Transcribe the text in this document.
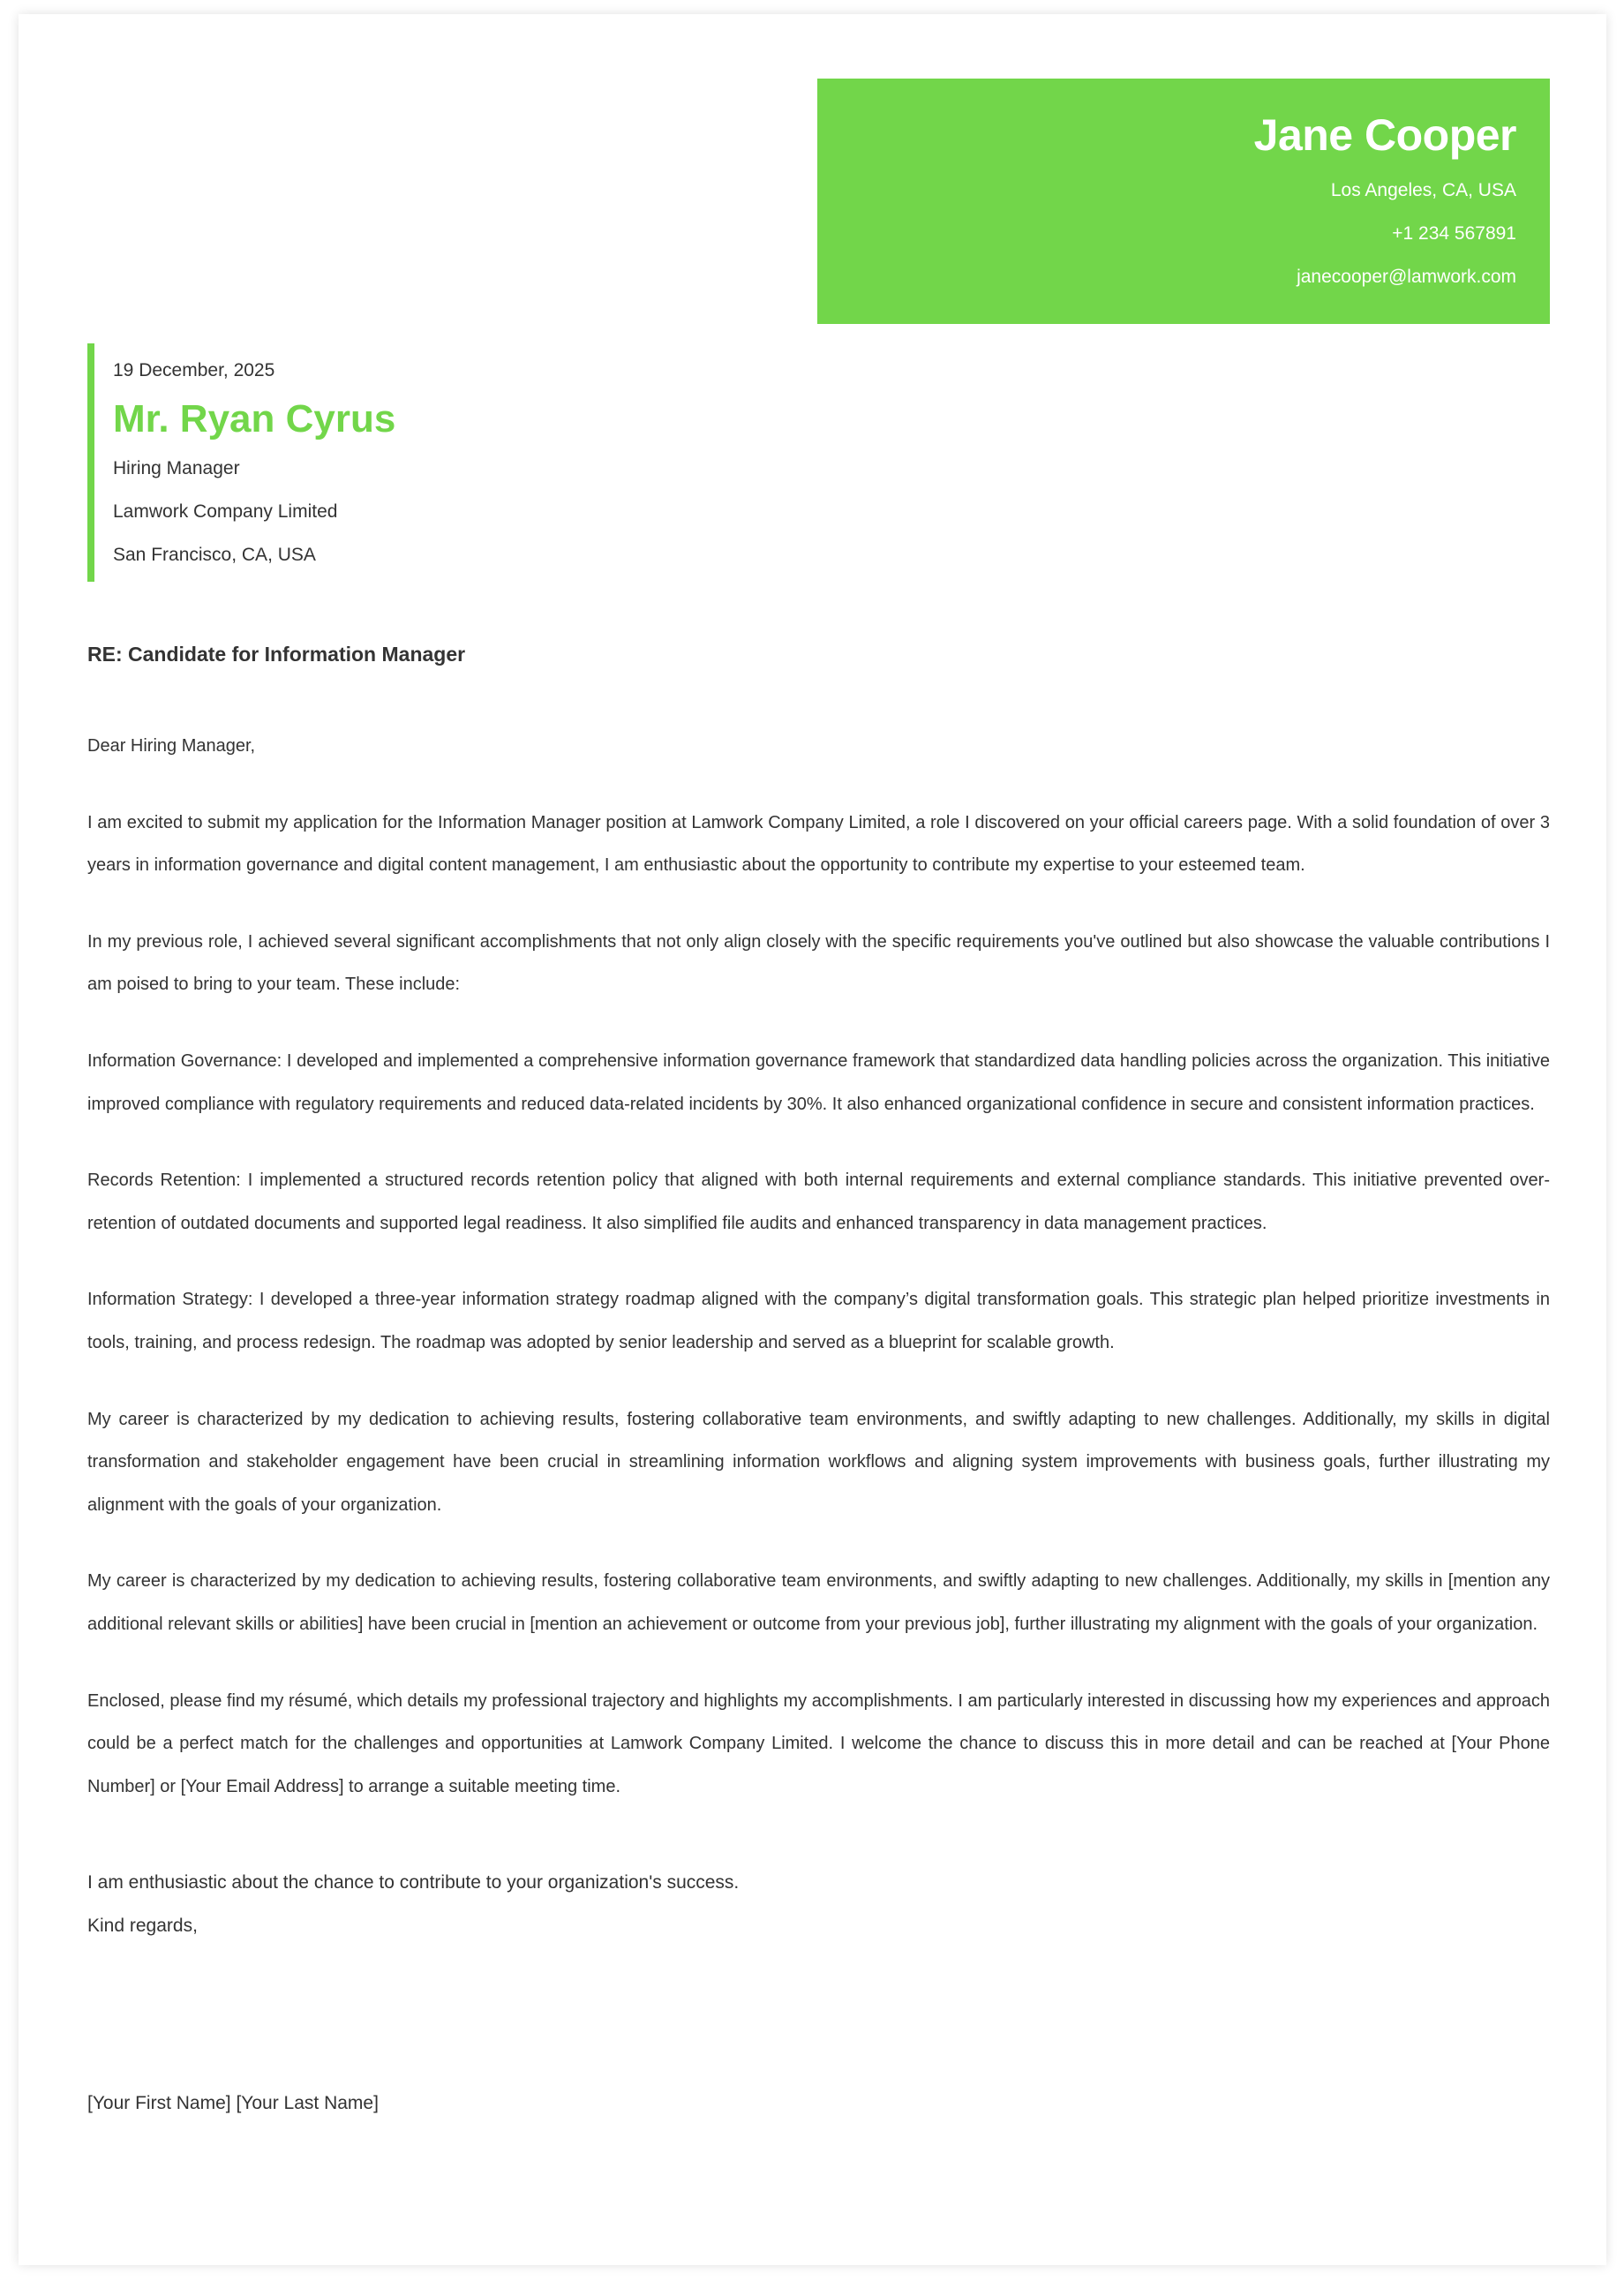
Jane Cooper
Los Angeles, CA, USA
+1 234 567891
janecooper@lamwork.com
19 December, 2025
Mr. Ryan Cyrus
Hiring Manager
Lamwork Company Limited
San Francisco, CA, USA
RE: Candidate for Information Manager

Dear Hiring Manager,

I am excited to submit my application for the Information Manager position at Lamwork Company Limited, a role I discovered on your official careers page. With a solid foundation of over 3 years in information governance and digital content management, I am enthusiastic about the opportunity to contribute my expertise to your esteemed team.

In my previous role, I achieved several significant accomplishments that not only align closely with the specific requirements you've outlined but also showcase the valuable contributions I am poised to bring to your team. These include:

Information Governance: I developed and implemented a comprehensive information governance framework that standardized data handling policies across the organization. This initiative improved compliance with regulatory requirements and reduced data-related incidents by 30%. It also enhanced organizational confidence in secure and consistent information practices.

Records Retention: I implemented a structured records retention policy that aligned with both internal requirements and external compliance standards. This initiative prevented over-retention of outdated documents and supported legal readiness. It also simplified file audits and enhanced transparency in data management practices.

Information Strategy: I developed a three-year information strategy roadmap aligned with the company’s digital transformation goals. This strategic plan helped prioritize investments in tools, training, and process redesign. The roadmap was adopted by senior leadership and served as a blueprint for scalable growth.

My career is characterized by my dedication to achieving results, fostering collaborative team environments, and swiftly adapting to new challenges. Additionally, my skills in digital transformation and stakeholder engagement have been crucial in streamlining information workflows and aligning system improvements with business goals, further illustrating my alignment with the goals of your organization.

My career is characterized by my dedication to achieving results, fostering collaborative team environments, and swiftly adapting to new challenges. Additionally, my skills in [mention any additional relevant skills or abilities] have been crucial in [mention an achievement or outcome from your previous job], further illustrating my alignment with the goals of your organization.

Enclosed, please find my résumé, which details my professional trajectory and highlights my accomplishments. I am particularly interested in discussing how my experiences and approach could be a perfect match for the challenges and opportunities at Lamwork Company Limited. I welcome the chance to discuss this in more detail and can be reached at [Your Phone Number] or [Your Email Address] to arrange a suitable meeting time.

I am enthusiastic about the chance to contribute to your organization's success.
Kind regards,
[Your First Name] [Your Last Name]
